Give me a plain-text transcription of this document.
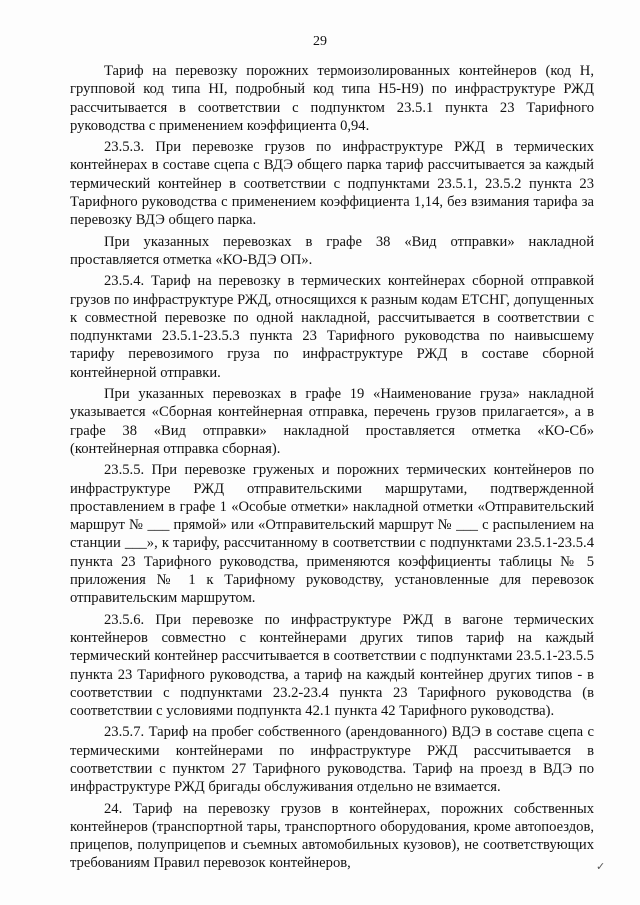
29

Тариф на перевозку порожних термоизолированных контейнеров (код Н, групповой код типа HI, подробный код типа Н5-Н9) по инфраструктуре РЖД рассчитывается в соответствии с подпунктом 23.5.1 пункта 23 Тарифного руководства с применением коэффициента 0,94.

23.5.3. При перевозке грузов по инфраструктуре РЖД в термических контейнерах в составе сцепа с ВДЭ общего парка тариф рассчитывается за каждый термический контейнер в соответствии с подпунктами 23.5.1, 23.5.2 пункта 23 Тарифного руководства с применением коэффициента 1,14, без взимания тарифа за перевозку ВДЭ общего парка.

При указанных перевозках в графе 38 «Вид отправки» накладной проставляется отметка «КО-ВДЭ ОП».

23.5.4. Тариф на перевозку в термических контейнерах сборной отправкой грузов по инфраструктуре РЖД, относящихся к разным кодам ЕТСНГ, допущенных к совместной перевозке по одной накладной, рассчитывается в соответствии с подпунктами 23.5.1-23.5.3 пункта 23 Тарифного руководства по наивысшему тарифу перевозимого груза по инфраструктуре РЖД в составе сборной контейнерной отправки.

При указанных перевозках в графе 19 «Наименование груза» накладной указывается «Сборная контейнерная отправка, перечень грузов прилагается», а в графе 38 «Вид отправки» накладной проставляется отметка «КО-Сб» (контейнерная отправка сборная).

23.5.5. При перевозке груженых и порожних термических контейнеров по инфраструктуре РЖД отправительскими маршрутами, подтвержденной проставлением в графе 1 «Особые отметки» накладной отметки «Отправительский маршрут № ___ прямой» или «Отправительский маршрут № ___ с распылением на станции ___», к тарифу, рассчитанному в соответствии с подпунктами 23.5.1-23.5.4 пункта 23 Тарифного руководства, применяются коэффициенты таблицы № 5 приложения № 1 к Тарифному руководству, установленные для перевозок отправительским маршрутом.

23.5.6. При перевозке по инфраструктуре РЖД в вагоне термических контейнеров совместно с контейнерами других типов тариф на каждый термический контейнер рассчитывается в соответствии с подпунктами 23.5.1-23.5.5 пункта 23 Тарифного руководства, а тариф на каждый контейнер других типов - в соответствии с подпунктами 23.2-23.4 пункта 23 Тарифного руководства (в соответствии с условиями подпункта 42.1 пункта 42 Тарифного руководства).

23.5.7. Тариф на пробег собственного (арендованного) ВДЭ в составе сцепа с термическими контейнерами по инфраструктуре РЖД рассчитывается в соответствии с пунктом 27 Тарифного руководства. Тариф на проезд в ВДЭ по инфраструктуре РЖД бригады обслуживания отдельно не взимается.

24. Тариф на перевозку грузов в контейнерах, порожних собственных контейнеров (транспортной тары, транспортного оборудования, кроме автопоездов, прицепов, полуприцепов и съемных автомобильных кузовов), не соответствующих требованиям Правил перевозок контейнеров,	✓
